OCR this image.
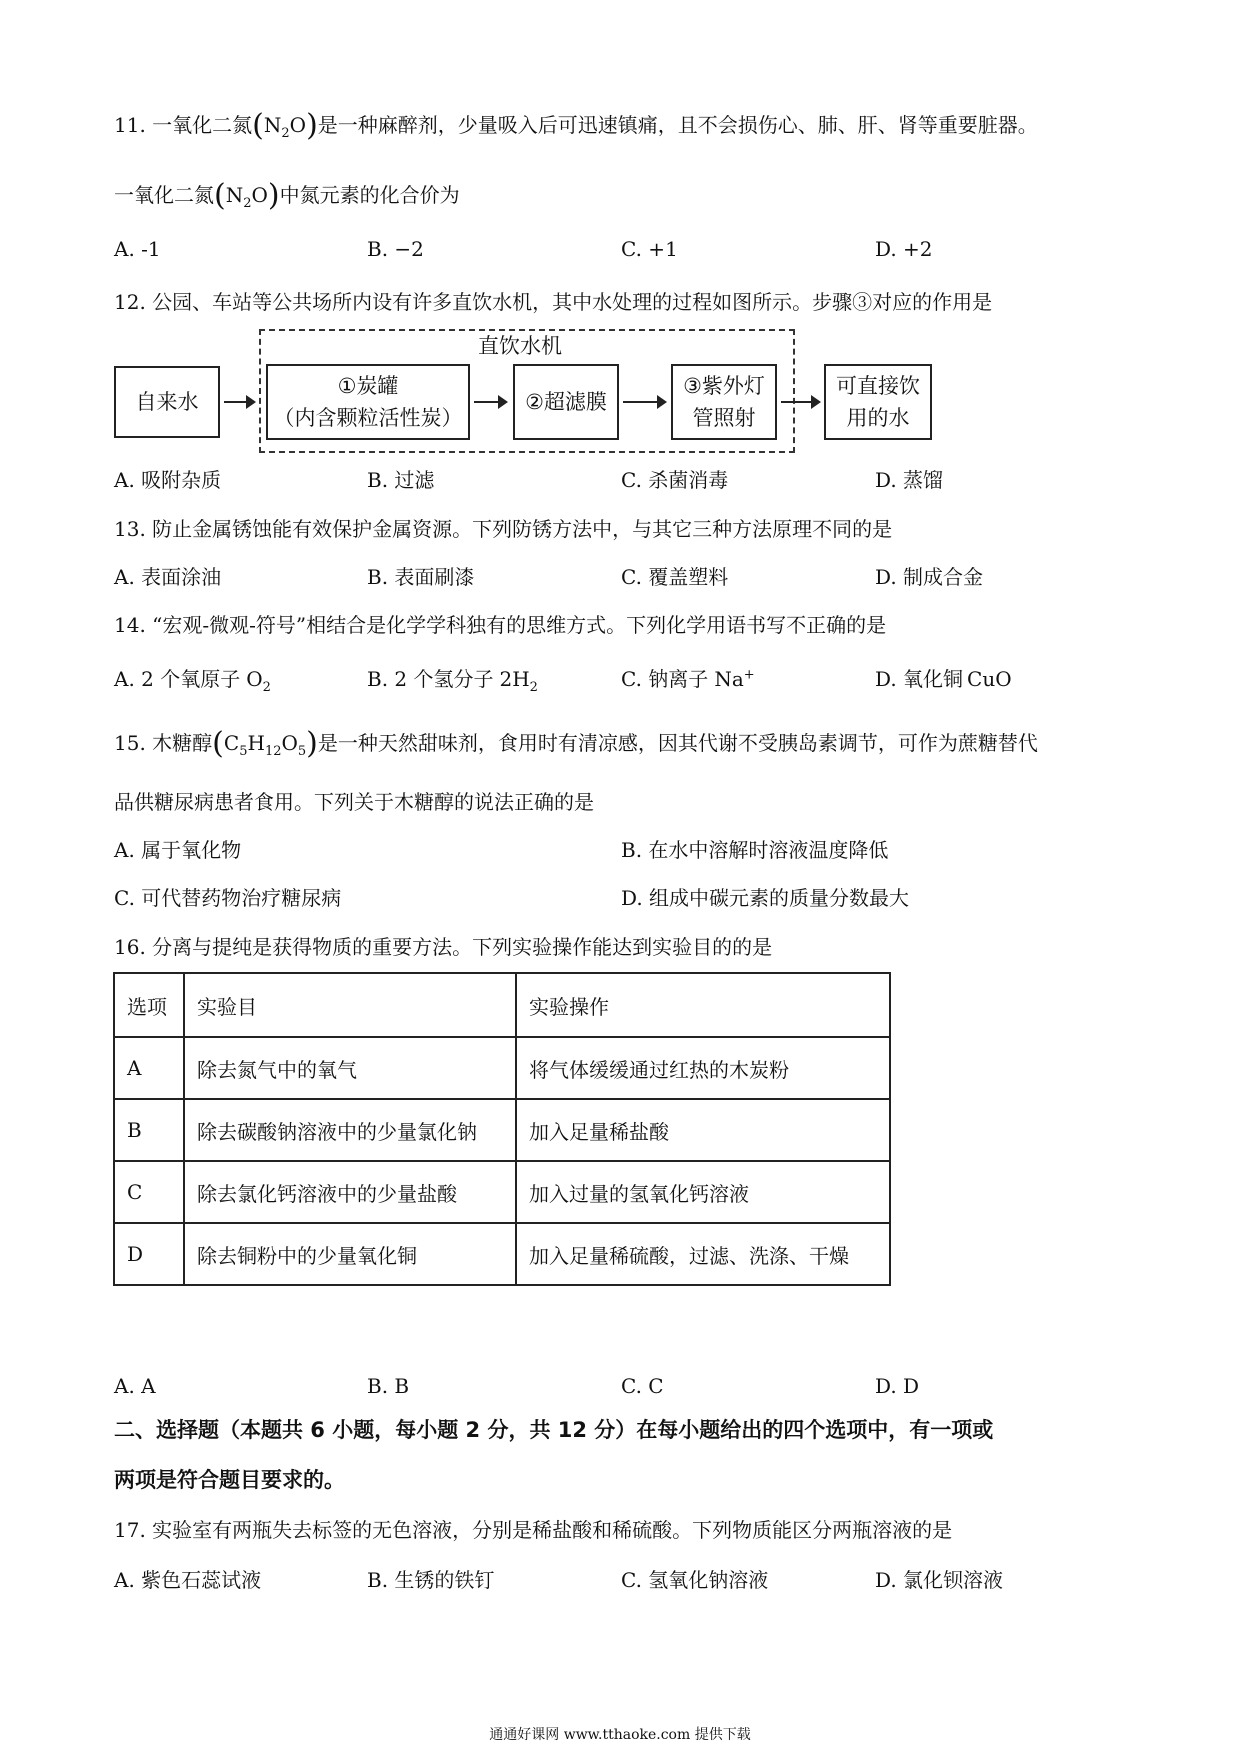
11. 一氧化二氮$(N_2O)$是一种麻醉剂，少量吸入后可迅速镇痛，且不会损伤心、肺、肝、肾等重要脏器。
一氧化二氮$(N_2O)$中氮元素的化合价为
A. -1	B. −2	C. +1	D. +2
12. 公园、车站等公共场所内设有许多直饮水机，其中水处理的过程如图所示。步骤③对应的作用是
直饮水机
自来水
①炭罐
（内含颗粒活性炭）
②超滤膜
③紫外灯
管照射
可直接饮
用的水
A. 吸附杂质	B. 过滤	C. 杀菌消毒	D. 蒸馏
13. 防止金属锈蚀能有效保护金属资源。下列防锈方法中，与其它三种方法原理不同的是
A. 表面涂油	B. 表面刷漆	C. 覆盖塑料	D. 制成合金
14. “宏观-微观-符号”相结合是化学学科独有的思维方式。下列化学用语书写不正确的是
A. 2 个氧原子 $O_2$	B. 2 个氢分子 $2H_2$	C. 钠离子 Na+	D. 氧化铜 CuO
15. 木糖醇$(C_5H_{12}O_5)$是一种天然甜味剂，食用时有清凉感，因其代谢不受胰岛素调节，可作为蔗糖替代
品供糖尿病患者食用。下列关于木糖醇的说法正确的是
A. 属于氧化物	B. 在水中溶解时溶液温度降低
C. 可代替药物治疗糖尿病	D. 组成中碳元素的质量分数最大
16. 分离与提纯是获得物质的重要方法。下列实验操作能达到实验目的的是
选项	实验目	实验操作
A	除去氮气中的氧气	将气体缓缓通过红热的木炭粉
B	除去碳酸钠溶液中的少量氯化钠	加入足量稀盐酸
C	除去氯化钙溶液中的少量盐酸	加入过量的氢氧化钙溶液
D	除去铜粉中的少量氧化铜	加入足量稀硫酸，过滤、洗涤、干燥
A. A	B. B	C. C	D. D
二、选择题（本题共 6 小题，每小题 2 分，共 12 分）在每小题给出的四个选项中，有一项或
两项是符合题目要求的。
17. 实验室有两瓶失去标签的无色溶液，分别是稀盐酸和稀硫酸。下列物质能区分两瓶溶液的是
A. 紫色石蕊试液	B. 生锈的铁钉	C. 氢氧化钠溶液	D. 氯化钡溶液
通通好课网 www.tthaoke.com 提供下载
